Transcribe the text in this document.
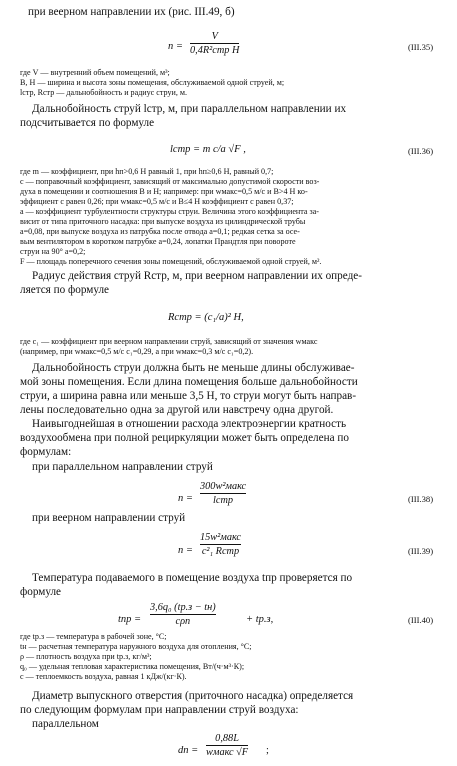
при веерном направлении их (рис. III.49, б)

n =
V
0,4R²стр H	(III.35)

где V — внутренний объем помещений, м³;

B, H — ширина и высота зоны помещения, обслуживаемой одной струей, м;

lстр, Rстр — дальнобойность и радиус струи, м.

Дальнобойность струй lстр, м, при параллельном направлении их

подсчитывается по формуле

lстр = m c/a √F ,	(III.36)

где m — коэффициент, при hп>0,6 H равный 1, при hп≥0,6 H, равный 0,7;

c — поправочный коэффициент, зависящий от максимально допустимой скорости воз-

духа в помещении и соотношения B и H; например: при wмакс=0,5 м/с и B>4 H ко-

эффициент c равен 0,26; при wмакс=0,5 м/с и B≤4 H коэффициент c равен 0,37;

a — коэффициент турбулентности структуры струи. Величина этого коэффициента за-

висит от типа приточного насадка: при выпуске воздуха из цилиндрической трубы

a=0,08, при выпуске воздуха из патрубка после отвода a=0,1; редкая сетка за осе-

вым вентилятором в коротком патрубке a=0,24, лопатки Прандтля при повороте

струи на 90° a=0,2;

F — площадь поперечного сечения зоны помещений, обслуживаемой одной струей, м².

Радиус действия струй Rстр, м, при веерном направлении их опреде-

ляется по формуле

Rстр = (c₁/a)² H,

где c₁ — коэффициент при веерном направлении струй, зависящий от значения wмакс

(например, при wмакс=0,5 м/с c₁=0,29, а при wмакс=0,3 м/с c₁=0,2).

Дальнобойность струи должна быть не меньше длины обслуживае-

мой зоны помещения. Если длина помещения больше дальнобойности

струи, а ширина равна или меньше 3,5 H, то струи могут быть направ-

лены последовательно одна за другой или навстречу одна другой.

Наивыгоднейшая в отношении расхода электроэнергии кратность

воздухообмена при полной рециркуляции может быть определена по

формулам:

при параллельном направлении струй

n =
300w²макс
lстр	(III.38)

при веерном направлении струй

n =
15w²макс
c²₁ Rстр	(III.39)

Температура подаваемого в помещение воздуха tпр проверяется по

формуле

tпр =
3,6q₀ (tр.з − tн)
cρn	+ tр.з,	(III.40)

где tр.з — температура в рабочей зоне, °С;

tн — расчетная температура наружного воздуха для отопления, °С;

ρ — плотность воздуха при tр.з, кг/м³;

q₀ — удельная тепловая характеристика помещения, Вт/(ч·м³·К);

c — теплоемкость воздуха, равная 1 кДж/(кг·К).

Диаметр выпускного отверстия (приточного насадка) определяется

по следующим формулам при направлении струй воздуха:

параллельном

dп =
0,88L
wмакс √F ;
